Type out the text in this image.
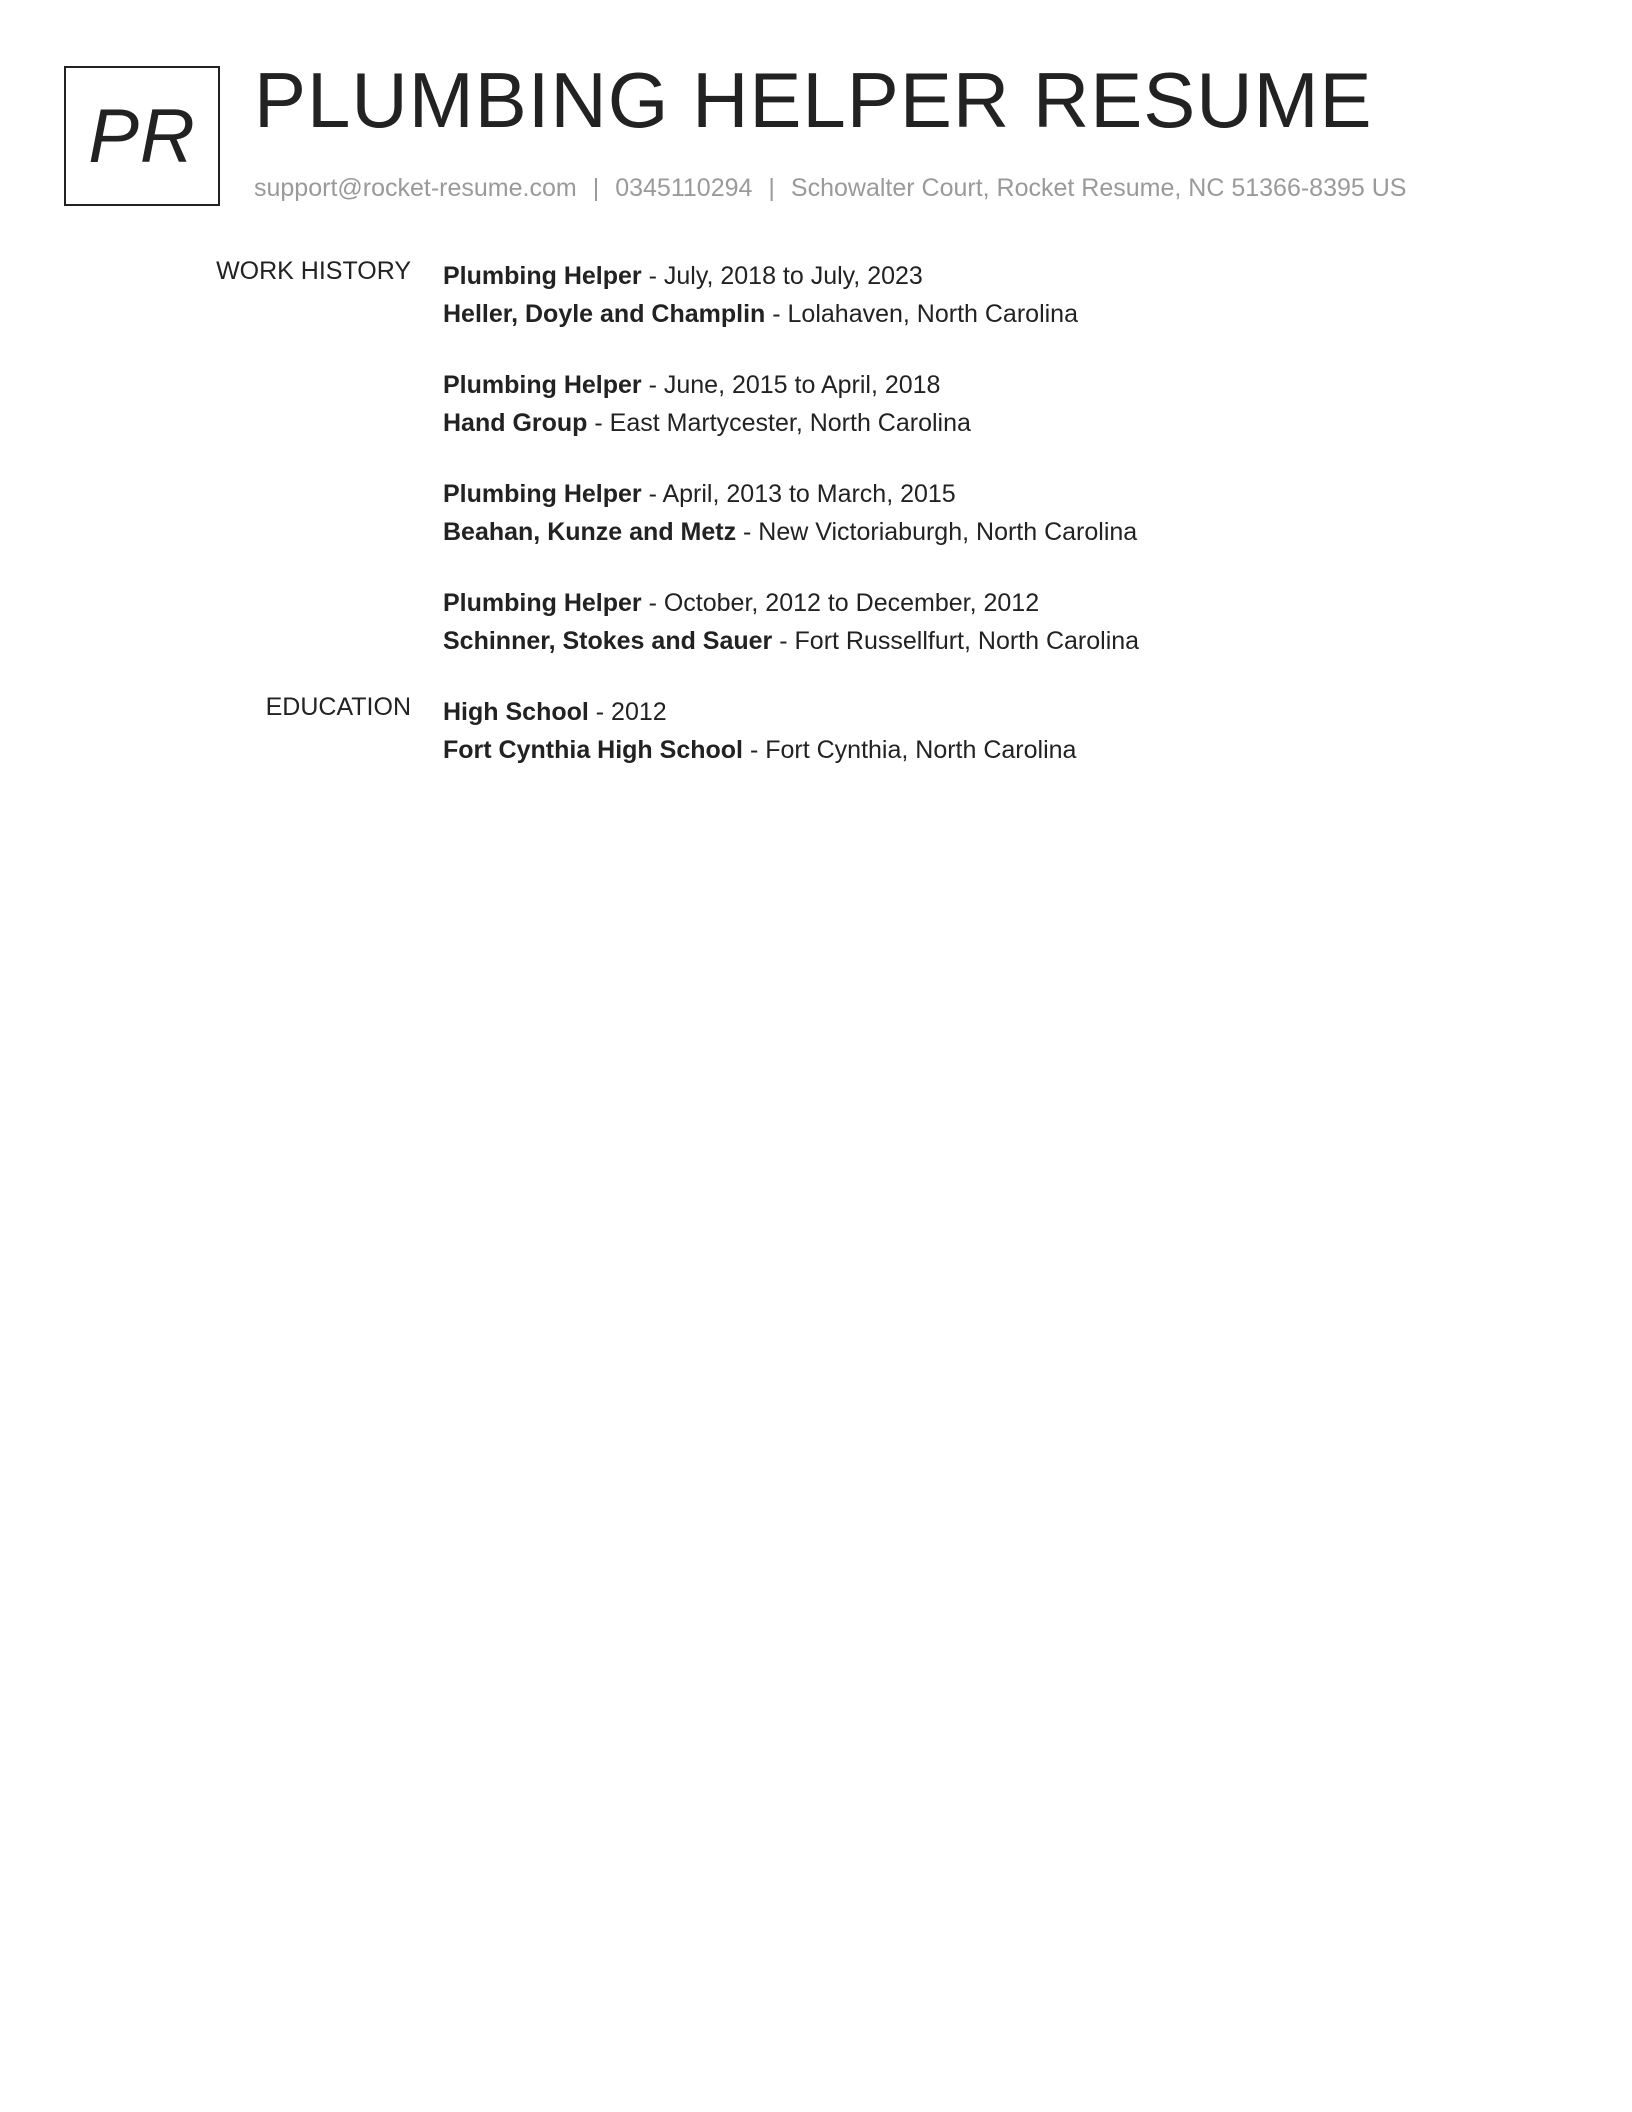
PR PLUMBING HELPER RESUME
support@rocket-resume.com | 0345110294 | Schowalter Court, Rocket Resume, NC 51366-8395 US
WORK HISTORY Plumbing Helper - July, 2018 to July, 2023
Heller, Doyle and Champlin - Lolahaven, North Carolina
Plumbing Helper - June, 2015 to April, 2018
Hand Group - East Martycester, North Carolina
Plumbing Helper - April, 2013 to March, 2015
Beahan, Kunze and Metz - New Victoriaburgh, North Carolina
Plumbing Helper - October, 2012 to December, 2012
Schinner, Stokes and Sauer - Fort Russellfurt, North Carolina
EDUCATION High School - 2012
Fort Cynthia High School - Fort Cynthia, North Carolina
